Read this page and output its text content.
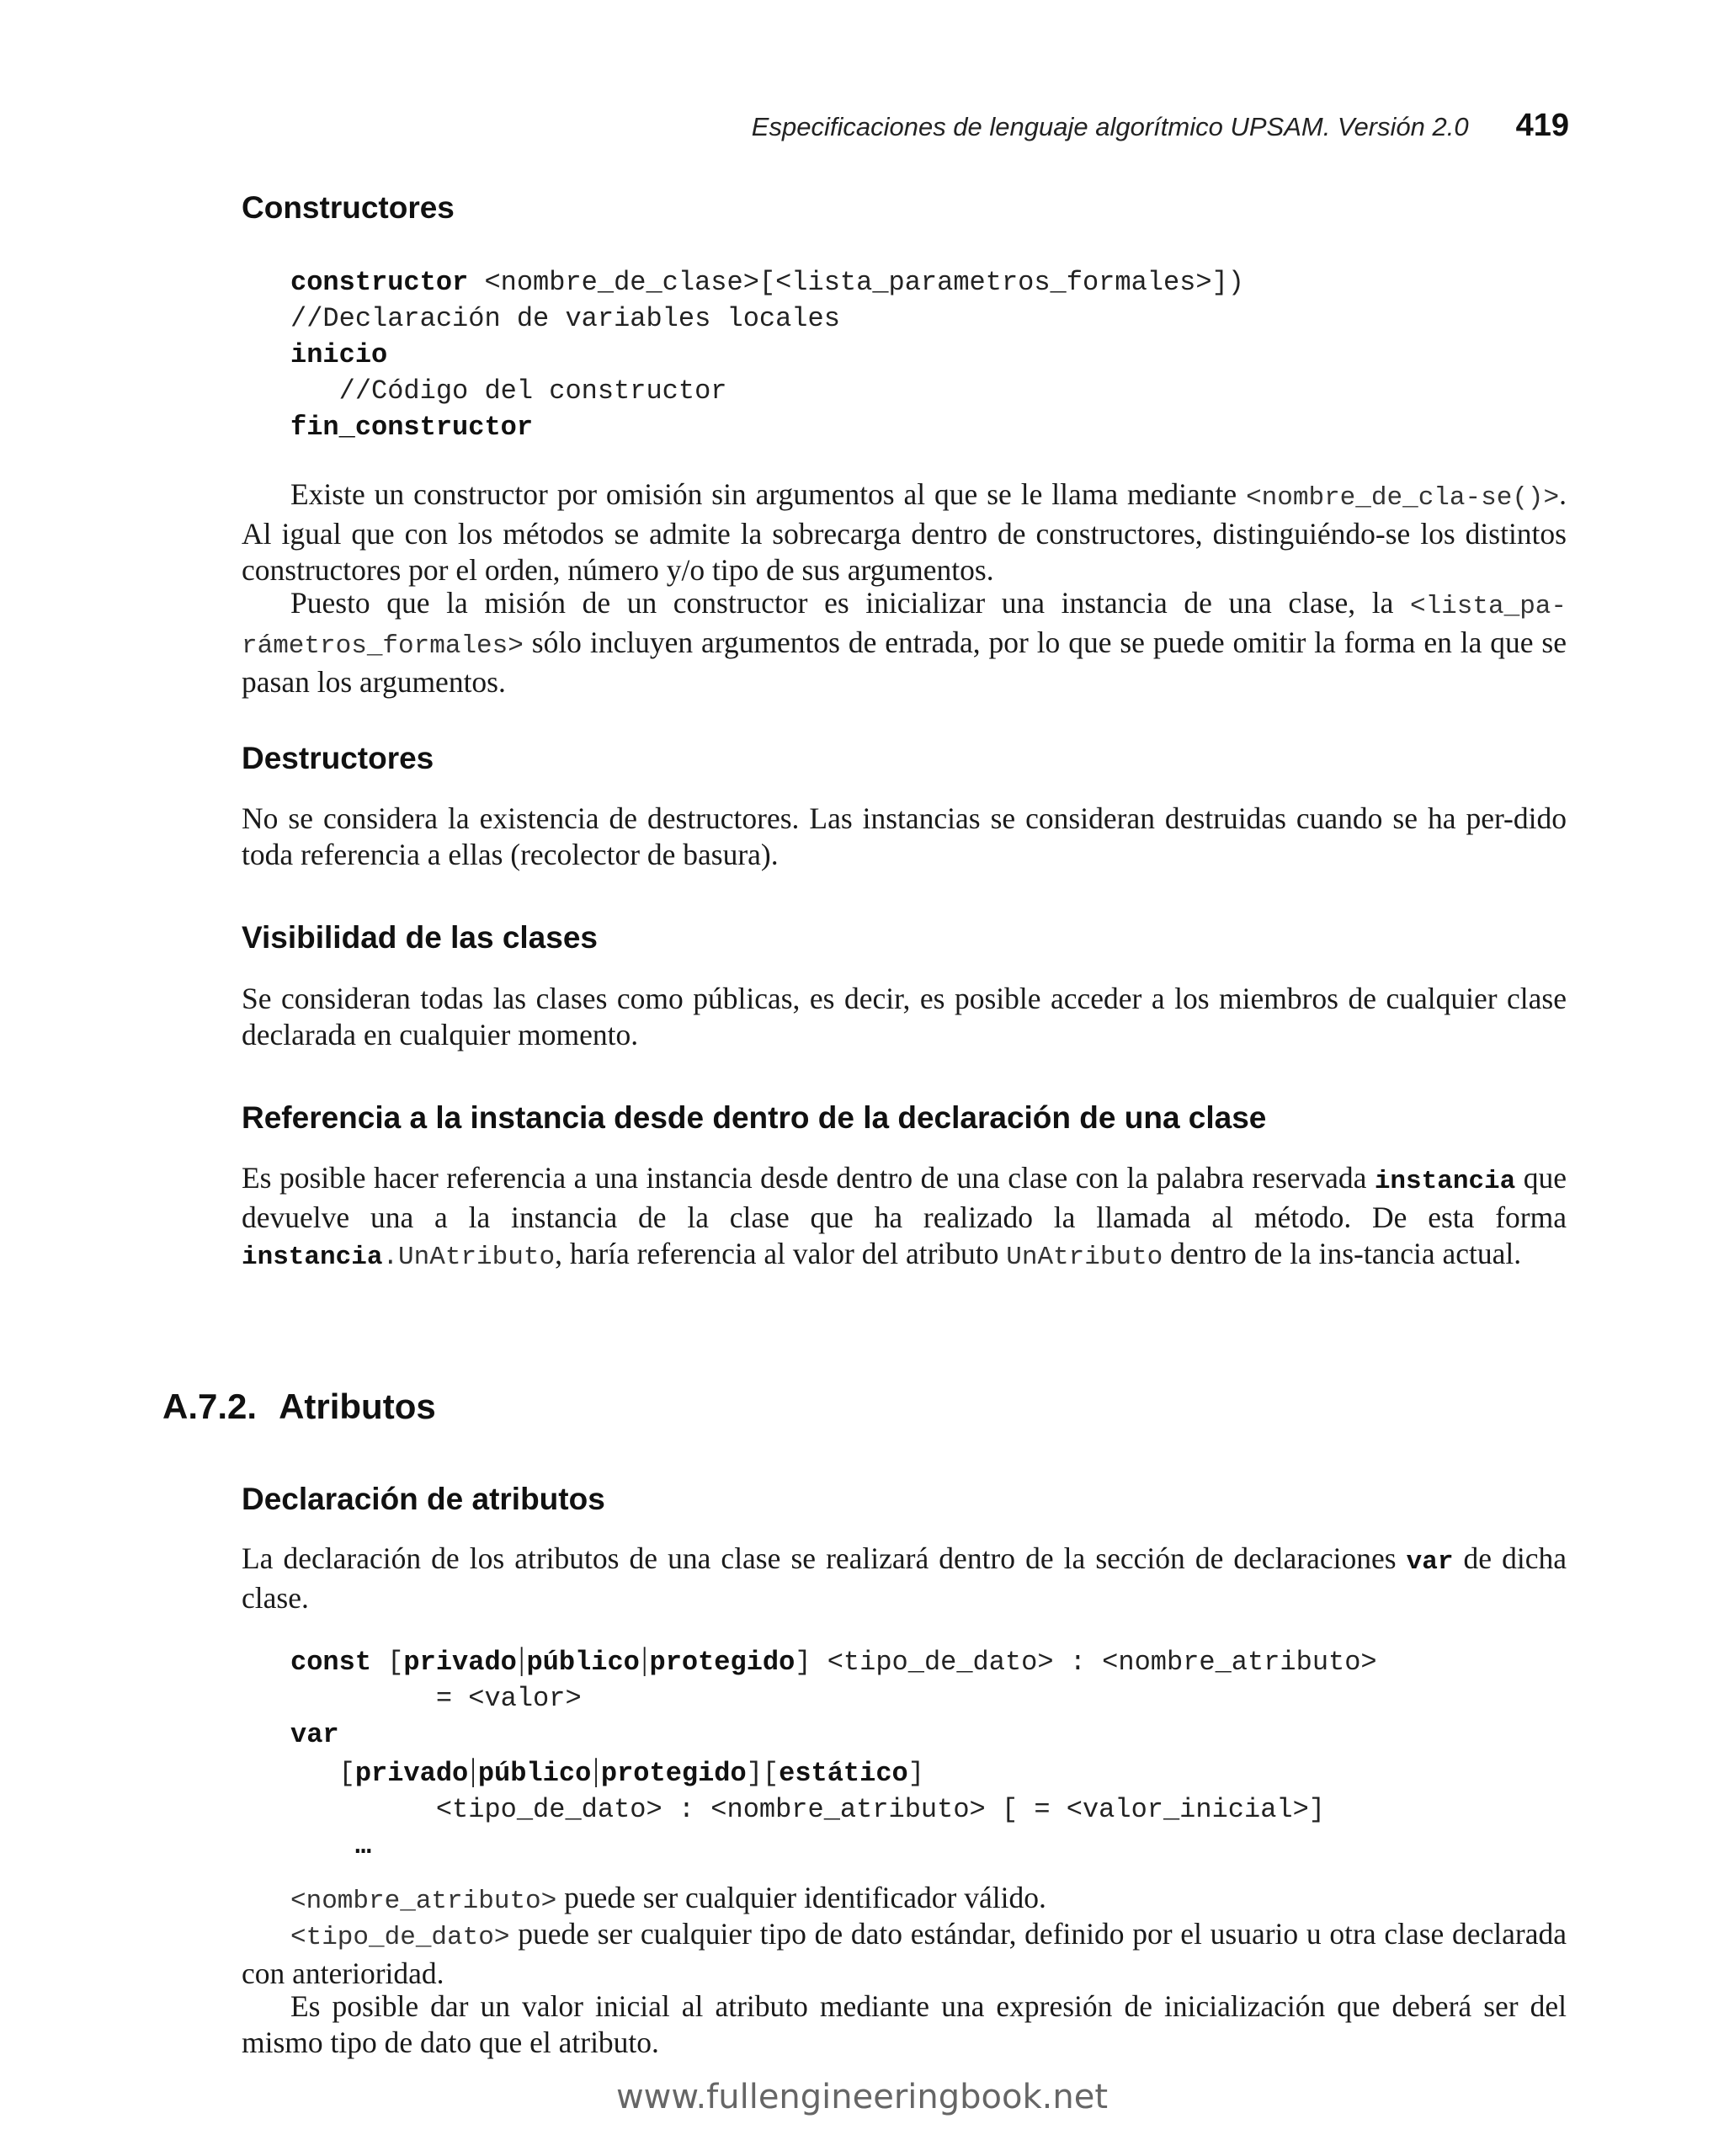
Especificaciones de lenguaje algorítmico UPSAM. Versión 2.0 419
Constructores
constructor <nombre_de_clase>[<lista_parametros_formales>])
//Declaración de variables locales
inicio
//Código del constructor
fin_constructor

Existe un constructor por omisión sin argumentos al que se le llama mediante <nombre_de_cla-se()>. Al igual que con los métodos se admite la sobrecarga dentro de constructores, distinguiéndo-se los distintos constructores por el orden, número y/o tipo de sus argumentos.

Puesto que la misión de un constructor es inicializar una instancia de una clase, la <lista_pa-rámetros_formales> sólo incluyen argumentos de entrada, por lo que se puede omitir la forma en la que se pasan los argumentos.

Destructores

No se considera la existencia de destructores. Las instancias se consideran destruidas cuando se ha per-dido toda referencia a ellas (recolector de basura).

Visibilidad de las clases

Se consideran todas las clases como públicas, es decir, es posible acceder a los miembros de cualquier clase declarada en cualquier momento.

Referencia a la instancia desde dentro de la declaración de una clase

Es posible hacer referencia a una instancia desde dentro de una clase con la palabra reservada instancia que devuelve una a la instancia de la clase que ha realizado la llamada al método. De esta forma instancia.UnAtributo, haría referencia al valor del atributo UnAtributo dentro de la ins-tancia actual.

A.7.2. Atributos
Declaración de atributos

La declaración de los atributos de una clase se realizará dentro de la sección de declaraciones var de dicha clase.

const [privado|público|protegido] <tipo_de_dato> : <nombre_atributo>
= <valor>
var
[privado|público|protegido][estático]
<tipo_de_dato> : <nombre_atributo> [ = <valor_inicial>]
…

<nombre_atributo> puede ser cualquier identificador válido.

<tipo_de_dato> puede ser cualquier tipo de dato estándar, definido por el usuario u otra clase declarada con anterioridad.

Es posible dar un valor inicial al atributo mediante una expresión de inicialización que deberá ser del mismo tipo de dato que el atributo.

www.fullengineeringbook.net
